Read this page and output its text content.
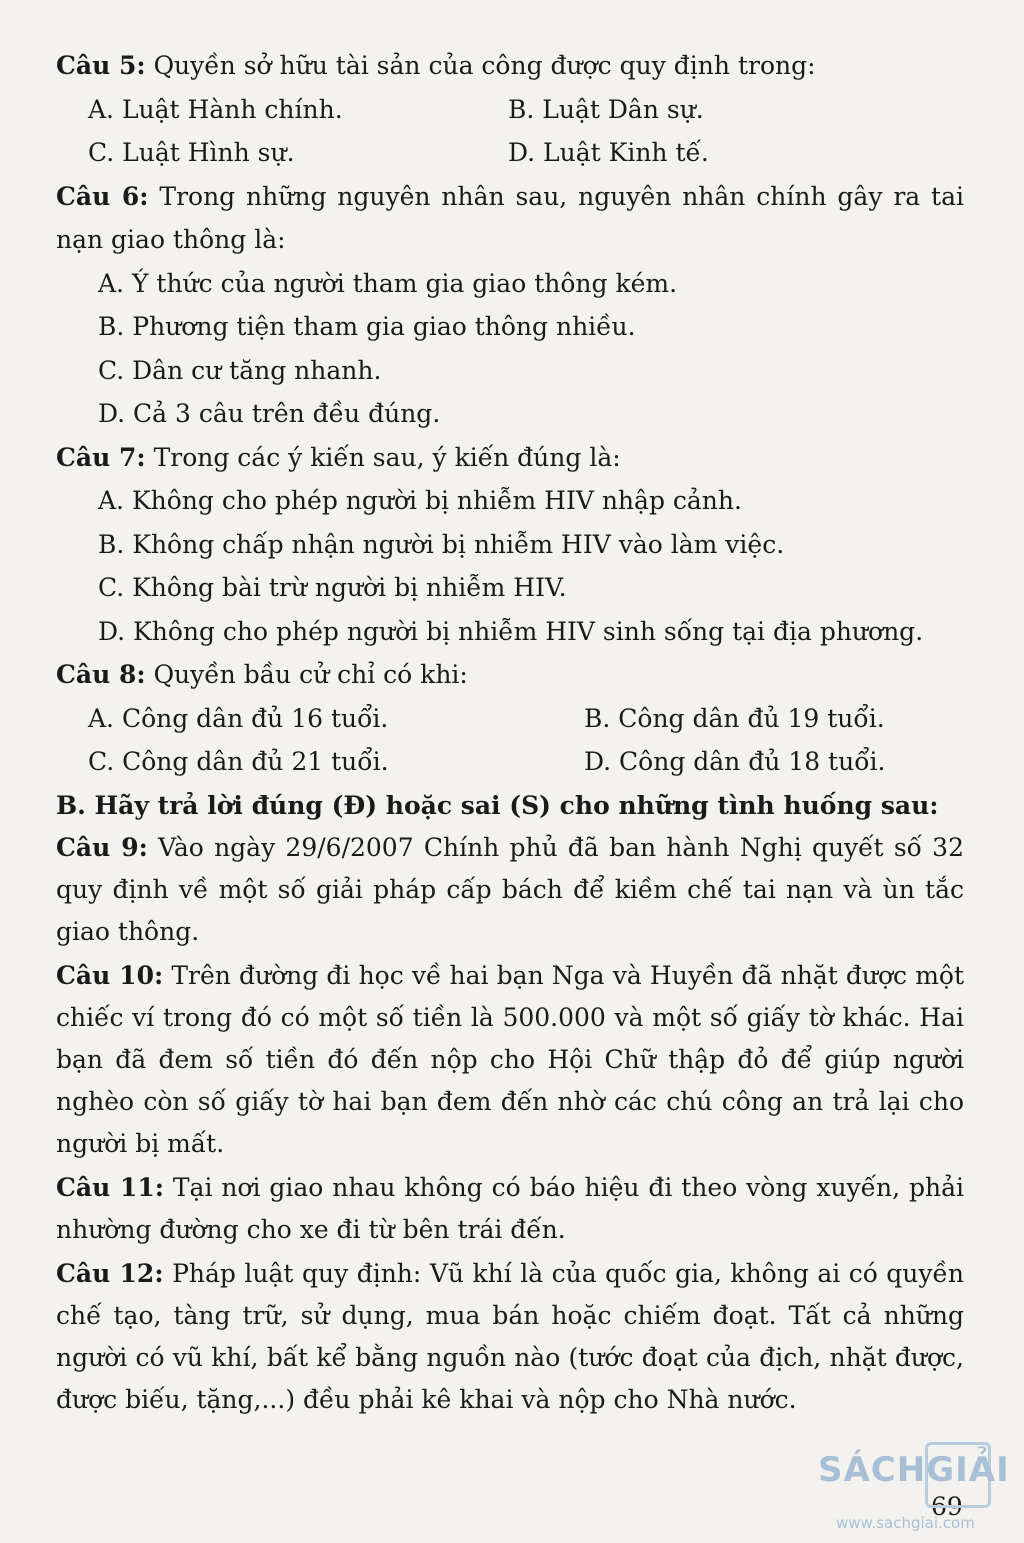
Câu 5: Quyền sở hữu tài sản của công được quy định trong:

A. Luật Hành chính.	B. Luật Dân sự.
C. Luật Hình sự.	D. Luật Kinh tế.

Câu 6: Trong những nguyên nhân sau, nguyên nhân chính gây ra tai nạn giao thông là:

A. Ý thức của người tham gia giao thông kém.
B. Phương tiện tham gia giao thông nhiều.
C. Dân cư tăng nhanh.
D. Cả 3 câu trên đều đúng.

Câu 7: Trong các ý kiến sau, ý kiến đúng là:

A. Không cho phép người bị nhiễm HIV nhập cảnh.
B. Không chấp nhận người bị nhiễm HIV vào làm việc.
C. Không bài trừ người bị nhiễm HIV.
D. Không cho phép người bị nhiễm HIV sinh sống tại địa phương.

Câu 8: Quyền bầu cử chỉ có khi:

A. Công dân đủ 16 tuổi.	B. Công dân đủ 19 tuổi.
C. Công dân đủ 21 tuổi.	D. Công dân đủ 18 tuổi.

B. Hãy trả lời đúng (Đ) hoặc sai (S) cho những tình huống sau:

Câu 9: Vào ngày 29/6/2007 Chính phủ đã ban hành Nghị quyết số 32 quy định về một số giải pháp cấp bách để kiềm chế tai nạn và ùn tắc giao thông.

Câu 10: Trên đường đi học về hai bạn Nga và Huyền đã nhặt được một chiếc ví trong đó có một số tiền là 500.000 và một số giấy tờ khác. Hai bạn đã đem số tiền đó đến nộp cho Hội Chữ thập đỏ để giúp người nghèo còn số giấy tờ hai bạn đem đến nhờ các chú công an trả lại cho người bị mất.

Câu 11: Tại nơi giao nhau không có báo hiệu đi theo vòng xuyến, phải nhường đường cho xe đi từ bên trái đến.

Câu 12: Pháp luật quy định: Vũ khí là của quốc gia, không ai có quyền chế tạo, tàng trữ, sử dụng, mua bán hoặc chiếm đoạt. Tất cả những người có vũ khí, bất kể bằng nguồn nào (tước đoạt của địch, nhặt được, được biếu, tặng,...) đều phải kê khai và nộp cho Nhà nước.

69
SÁCHGIẢI
www.sachgiai.com
